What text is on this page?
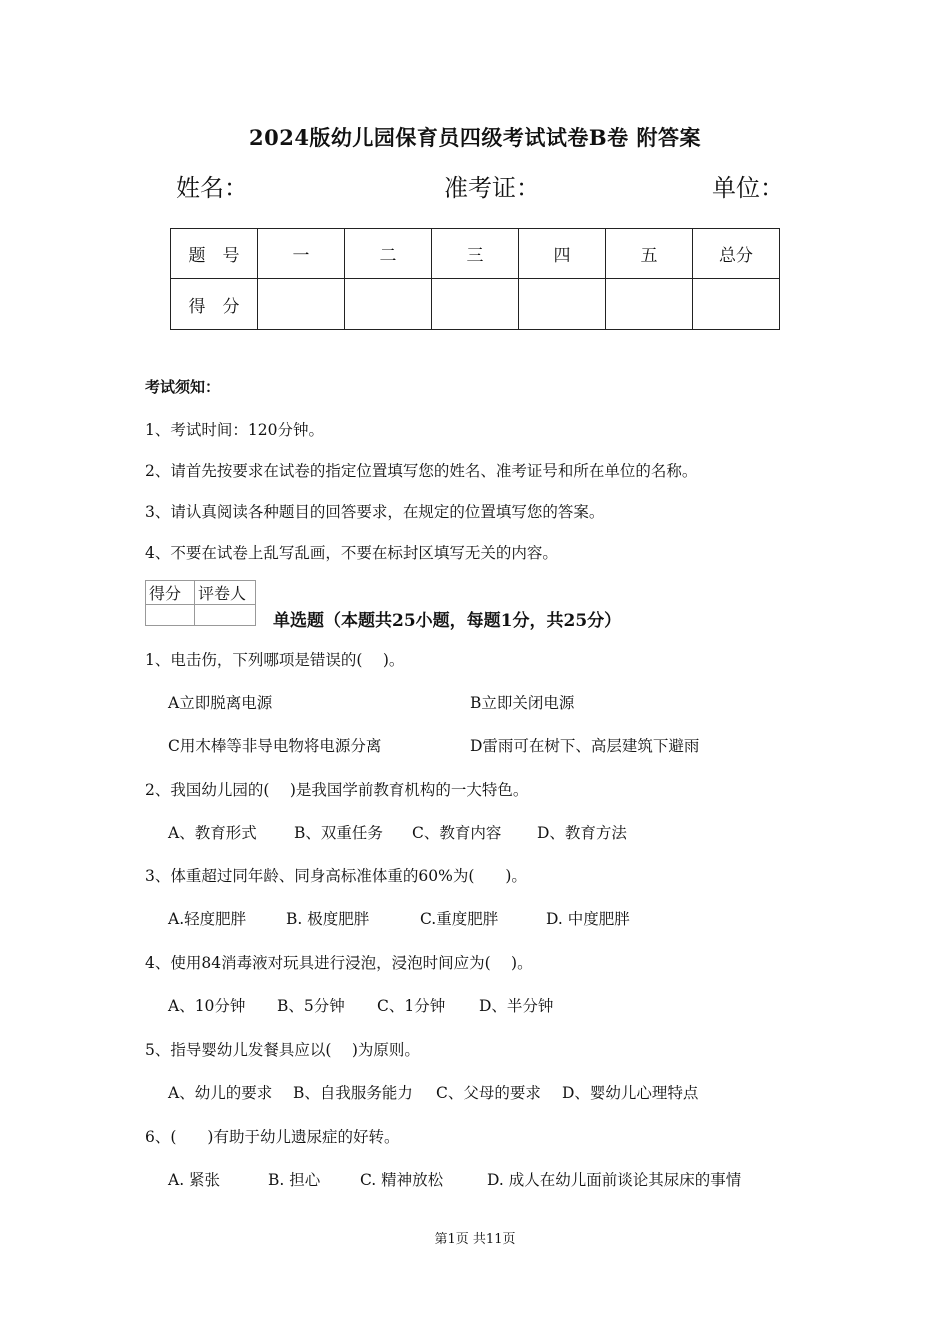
2024版幼儿园保育员四级考试试卷B卷 附答案
姓名：	准考证：	单位：
题　号	一	二	三	四	五	总分
得　分						
考试须知：
1、考试时间：120分钟。
2、请首先按要求在试卷的指定位置填写您的姓名、准考证号和所在单位的名称。
3、请认真阅读各种题目的回答要求，在规定的位置填写您的答案。
4、不要在试卷上乱写乱画，不要在标封区填写无关的内容。
得分	评卷人

单选题（本题共25小题，每题1分，共25分）
1、电击伤，下列哪项是错误的(　 )。
A立即脱离电源	B立即关闭电源
C用木棒等非导电物将电源分离	D雷雨可在树下、高层建筑下避雨
2、我国幼儿园的(　 )是我国学前教育机构的一大特色。
A、教育形式 B、双重任务 C、教育内容 D、教育方法
3、体重超过同年龄、同身高标准体重的60%为(　　)。
A.轻度肥胖	B. 极度肥胖	C.重度肥胖	D. 中度肥胖
4、使用84消毒液对玩具进行浸泡，浸泡时间应为(　 )。
A、10分钟 B、5分钟 C、1分钟 D、半分钟
5、指导婴幼儿发餐具应以(　 )为原则。
A、幼儿的要求 B、自我服务能力 C、父母的要求 D、婴幼儿心理特点
6、(　　)有助于幼儿遗尿症的好转。
A. 紧张	B. 担心	C. 精神放松	D. 成人在幼儿面前谈论其尿床的事情
第1页 共11页
